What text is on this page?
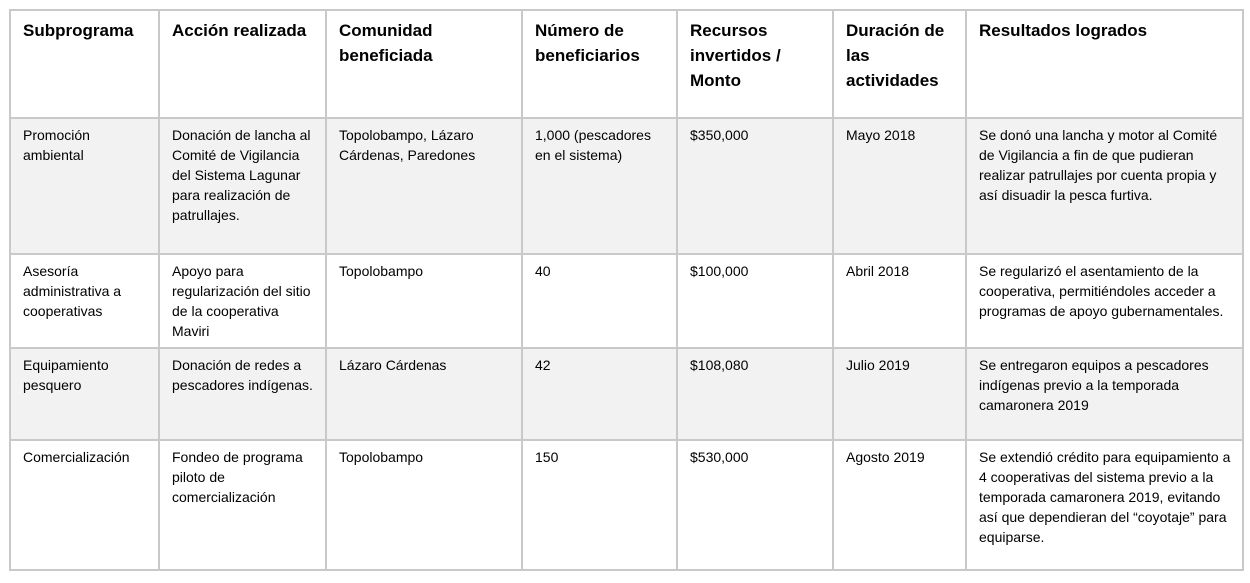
Subprograma	Acción realizada	Comunidad beneficiada	Número de beneficiarios	Recursos invertidos / Monto	Duración de las actividades	Resultados logrados
Promoción ambiental	Donación de lancha al Comité de Vigilancia del Sistema Lagunar para realización de patrullajes.	Topolobampo, Lázaro Cárdenas, Paredones	1,000 (pescadores en el sistema)	$350,000	Mayo 2018	Se donó una lancha y motor al Comité de Vigilancia a fin de que pudieran realizar patrullajes por cuenta propia y así disuadir la pesca furtiva.
Asesoría administrativa a cooperativas	Apoyo para regularización del sitio de la cooperativa Maviri	Topolobampo	40	$100,000	Abril 2018	Se regularizó el asentamiento de la cooperativa, permitiéndoles acceder a programas de apoyo gubernamentales.
Equipamiento pesquero	Donación de redes a pescadores indígenas.	Lázaro Cárdenas	42	$108,080	Julio 2019	Se entregaron equipos a pescadores indígenas previo a la temporada camaronera 2019
Comercialización	Fondeo de programa piloto de comercialización	Topolobampo	150	$530,000	Agosto 2019	Se extendió crédito para equipamiento a 4 cooperativas del sistema previo a la temporada camaronera 2019, evitando así que dependieran del “coyotaje” para equiparse.
